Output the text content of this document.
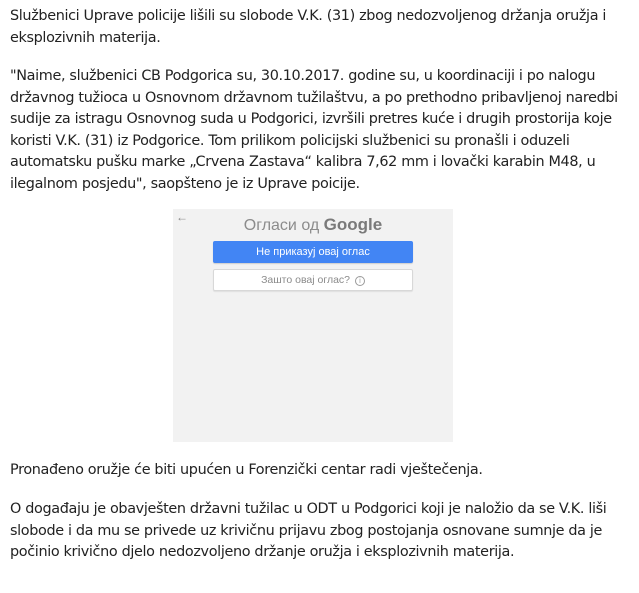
Službenici Uprave policije lišili su slobode V.K. (31) zbog nedozvoljenog držanja oružja i eksplozivnih materija.

"Naime, službenici CB Podgorica su, 30.10.2017. godine su, u koordinaciji i po nalogu državnog tužioca u Osnovnom državnom tužilaštvu, a po prethodno pribavljenoj naredbi sudije za istragu Osnovnog suda u Podgorici, izvršili pretres kuće i drugih prostorija koje koristi V.K. (31) iz Podgorice. Tom prilikom policijski službenici su pronašli i oduzeli automatsku pušku marke „Crvena Zastava“ kalibra 7,62 mm i lovački karabin M48, u ilegalnom posjedu", saopšteno je iz Uprave poicije.

Pronađeno oružje će biti upućen u Forenzički centar radi vještečenja.

O događaju je obavješten državni tužilac u ODT u Podgorici koji je naložio da se V.K. liši slobode i da mu se privede uz krivičnu prijavu zbog postojanja osnovane sumnje da je počinio krivično djelo nedozvoljeno držanje oružja i eksplozivnih materija.

←	Огласи од Google
Не приказуј овај оглас
Зашто овај оглас? i
